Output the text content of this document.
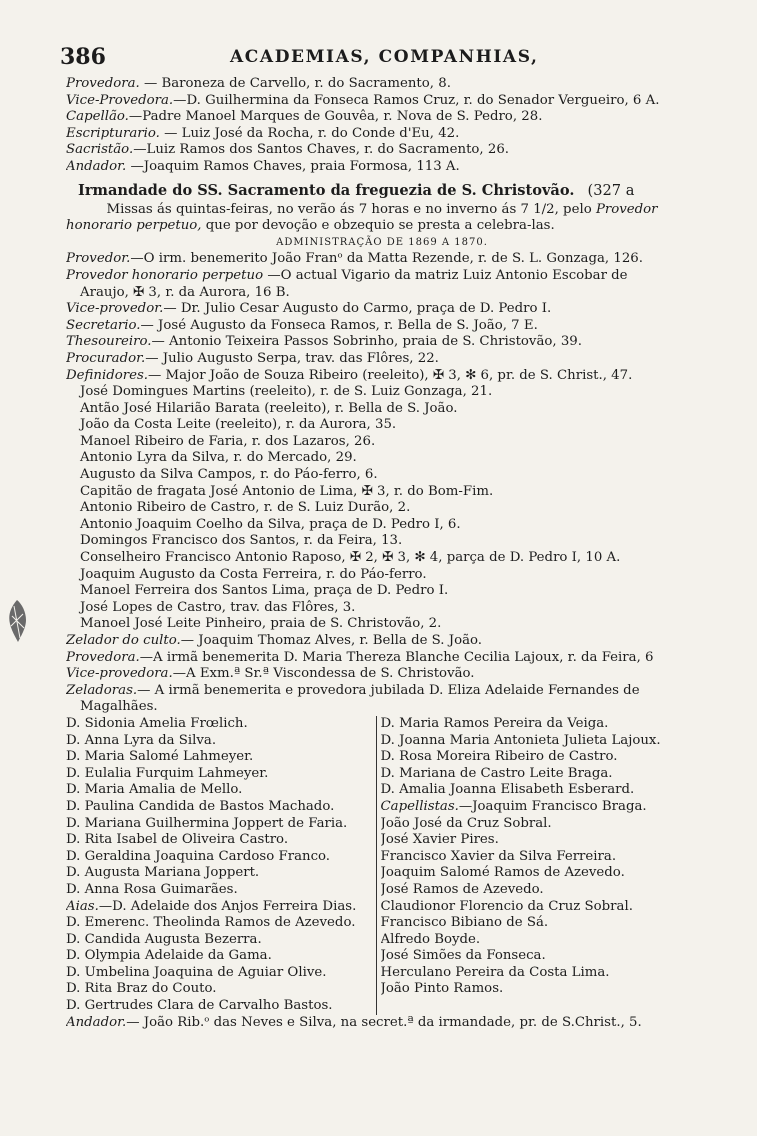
386	ACADEMIAS, COMPANHIAS,
Provedora. — Baroneza de Carvello, r. do Sacramento, 8.
Vice-Provedora.—D. Guilhermina da Fonseca Ramos Cruz, r. do Senador Vergueiro, 6 A.
Capellão.—Padre Manoel Marques de Gouvêa, r. Nova de S. Pedro, 28.
Escripturario. — Luiz José da Rocha, r. do Conde d'Eu, 42.
Sacristão.—Luiz Ramos dos Santos Chaves, r. do Sacramento, 26.
Andador. —Joaquim Ramos Chaves, praia Formosa, 113 A.
Irmandade do SS. Sacramento da freguezia de S. Christovão. (327 a
Missas ás quintas-feiras, no verão ás 7 horas e no inverno ás 7 1/2, pelo Provedor
honorario perpetuo, que por devoção e obzequio se presta a celebra-las.
ADMINISTRAÇÃO DE 1869 A 1870.
Provedor.—O irm. benemerito João Franᵒ da Matta Rezende, r. de S. L. Gonzaga, 126.
Provedor honorario perpetuo —O actual Vigario da matriz Luiz Antonio Escobar de
Araujo, ✠ 3, r. da Aurora, 16 B.
Vice-provedor.— Dr. Julio Cesar Augusto do Carmo, praça de D. Pedro I.
Secretario.— José Augusto da Fonseca Ramos, r. Bella de S. João, 7 E.
Thesoureiro.— Antonio Teixeira Passos Sobrinho, praia de S. Christovão, 39.
Procurador.— Julio Augusto Serpa, trav. das Flôres, 22.
Definidores.— Major João de Souza Ribeiro (reeleito), ✠ 3, ✻ 6, pr. de S. Christ., 47.
José Domingues Martins (reeleito), r. de S. Luiz Gonzaga, 21.
Antão José Hilarião Barata (reeleito), r. Bella de S. João.
João da Costa Leite (reeleito), r. da Aurora, 35.
Manoel Ribeiro de Faria, r. dos Lazaros, 26.
Antonio Lyra da Silva, r. do Mercado, 29.
Augusto da Silva Campos, r. do Páo-ferro, 6.
Capitão de fragata José Antonio de Lima, ✠ 3, r. do Bom-Fim.
Antonio Ribeiro de Castro, r. de S. Luiz Durão, 2.
Antonio Joaquim Coelho da Silva, praça de D. Pedro I, 6.
Domingos Francisco dos Santos, r. da Feira, 13.
Conselheiro Francisco Antonio Raposo, ✠ 2, ✠ 3, ✻ 4, parça de D. Pedro I, 10 A.
Joaquim Augusto da Costa Ferreira, r. do Páo-ferro.
Manoel Ferreira dos Santos Lima, praça de D. Pedro I.
José Lopes de Castro, trav. das Flôres, 3.
Manoel José Leite Pinheiro, praia de S. Christovão, 2.
Zelador do culto.— Joaquim Thomaz Alves, r. Bella de S. João.
Provedora.—A irmã benemerita D. Maria Thereza Blanche Cecilia Lajoux, r. da Feira, 6
Vice-provedora.—A Exm.ª Sr.ª Viscondessa de S. Christovão.
Zeladoras.— A irmã benemerita e provedora jubilada D. Eliza Adelaide Fernandes de
Magalhães.
D. Sidonia Amelia Frœlich.
D. Anna Lyra da Silva.
D. Maria Salomé Lahmeyer.
D. Eulalia Furquim Lahmeyer.
D. Maria Amalia de Mello.
D. Paulina Candida de Bastos Machado.
D. Mariana Guilhermina Joppert de Faria.
D. Rita Isabel de Oliveira Castro.
D. Geraldina Joaquina Cardoso Franco.
D. Augusta Mariana Joppert.
D. Anna Rosa Guimarães.
Aias.—D. Adelaide dos Anjos Ferreira Dias.
D. Emerenc. Theolinda Ramos de Azevedo.
D. Candida Augusta Bezerra.
D. Olympia Adelaide da Gama.
D. Umbelina Joaquina de Aguiar Olive.
D. Rita Braz do Couto.
D. Gertrudes Clara de Carvalho Bastos.
D. Maria Ramos Pereira da Veiga.
D. Joanna Maria Antonieta Julieta Lajoux.
D. Rosa Moreira Ribeiro de Castro.
D. Mariana de Castro Leite Braga.
D. Amalia Joanna Elisabeth Esberard.
Capellistas.—Joaquim Francisco Braga.
João José da Cruz Sobral.
José Xavier Pires.
Francisco Xavier da Silva Ferreira.
Joaquim Salomé Ramos de Azevedo.
José Ramos de Azevedo.
Claudionor Florencio da Cruz Sobral.
Francisco Bibiano de Sá.
Alfredo Boyde.
José Simões da Fonseca.
Herculano Pereira da Costa Lima.
João Pinto Ramos.
Andador.— João Rib.ᵒ das Neves e Silva, na secret.ª da irmandade, pr. de S.Christ., 5.
